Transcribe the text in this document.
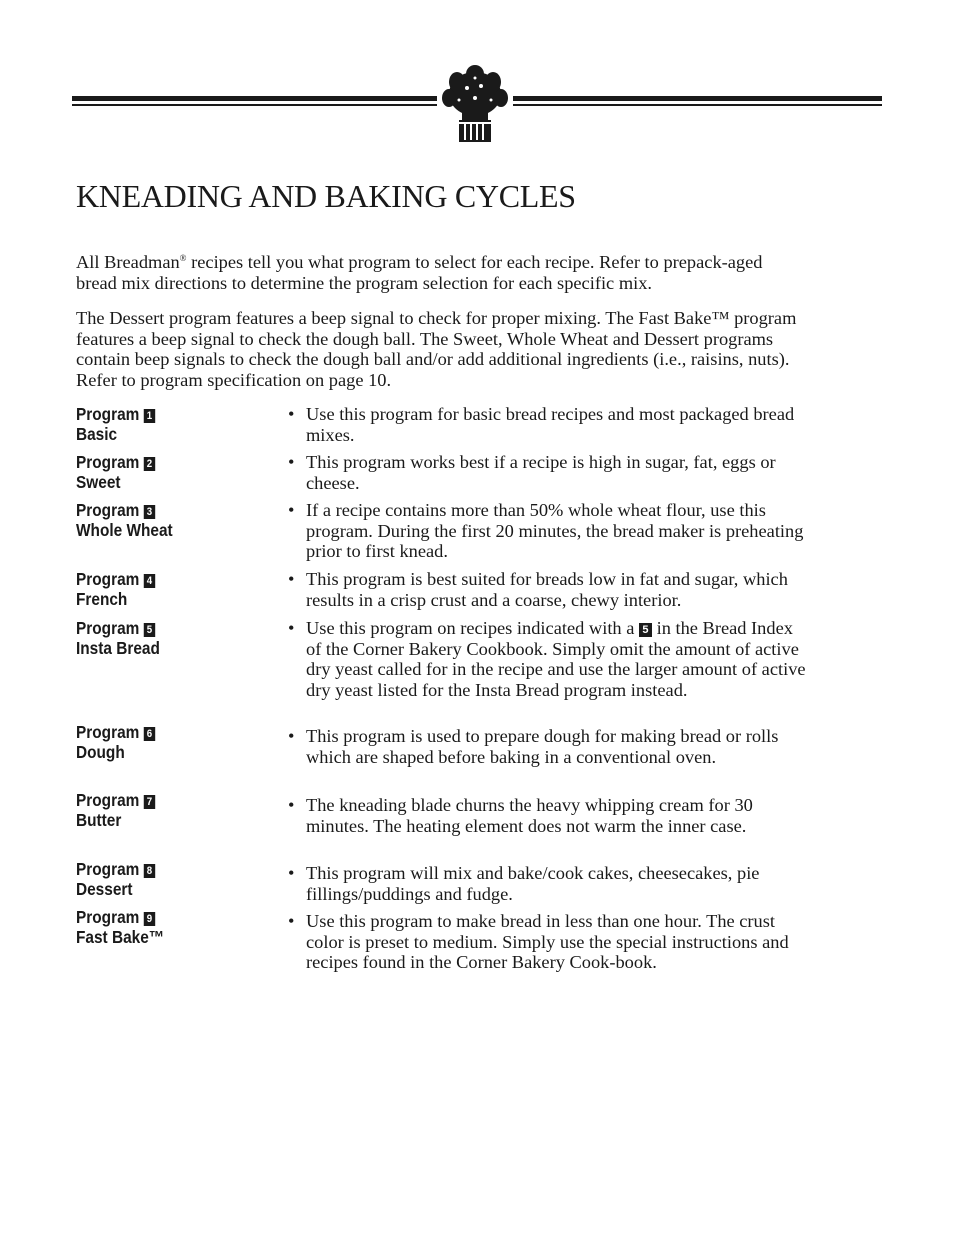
KNEADING AND BAKING CYCLES

All Breadman® recipes tell you what program to select for each recipe. Refer to prepack-aged bread mix directions to determine the program selection for each specific mix.

The Dessert program features a beep signal to check for proper mixing. The Fast Bake™ program features a beep signal to check the dough ball. The Sweet, Whole Wheat and Dessert programs contain beep signals to check the dough ball and/or add additional ingredients (i.e., raisins, nuts). Refer to program specification on page 10.

Program 1
Basic
• Use this program for basic bread recipes and most packaged bread mixes.
Program 2
Sweet
• This program works best if a recipe is high in sugar, fat, eggs or cheese.
Program 3
Whole Wheat
• If a recipe contains more than 50% whole wheat flour, use this program. During the first 20 minutes, the bread maker is preheating prior to first knead.
Program 4
French
• This program is best suited for breads low in fat and sugar, which results in a crisp crust and a coarse, chewy interior.
Program 5
Insta Bread
• Use this program on recipes indicated with a 5 in the Bread Index of the Corner Bakery Cookbook. Simply omit the amount of active dry yeast called for in the recipe and use the larger amount of active dry yeast listed for the Insta Bread program instead.
Program 6
Dough
• This program is used to prepare dough for making bread or rolls which are shaped before baking in a conventional oven.
Program 7
Butter
• The kneading blade churns the heavy whipping cream for 30 minutes. The heating element does not warm the inner case.
Program 8
Dessert
• This program will mix and bake/cook cakes, cheesecakes, pie fillings/puddings and fudge.
Program 9
Fast Bake™
• Use this program to make bread in less than one hour. The crust color is preset to medium. Simply use the special instructions and recipes found in the Corner Bakery Cook-book.
